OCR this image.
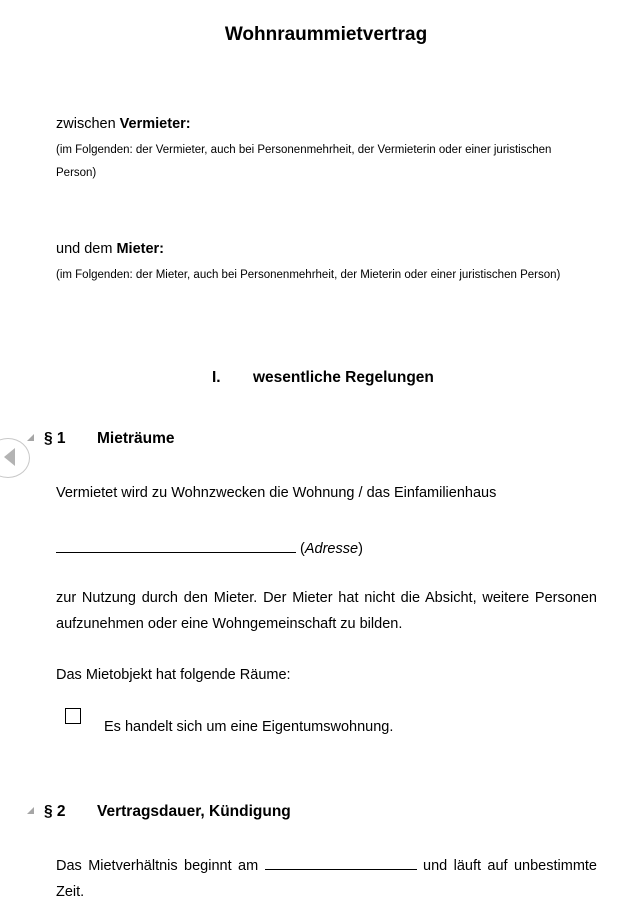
Wohnraummietvertrag
zwischen Vermieter:
(im Folgenden: der Vermieter, auch bei Personenmehrheit, der Vermieterin oder einer juristischen
Person)
und dem Mieter:
(im Folgenden: der Mieter, auch bei Personenmehrheit, der Mieterin oder einer juristischen Person)
I. wesentliche Regelungen
§ 1 Mieträume
Vermietet wird zu Wohnzwecken die Wohnung / das Einfamilienhaus
(Adresse)
zur Nutzung durch den Mieter. Der Mieter hat nicht die Absicht, weitere Personen
aufzunehmen oder eine Wohngemeinschaft zu bilden.
Das Mietobjekt hat folgende Räume:
Es handelt sich um eine Eigentumswohnung.
§ 2 Vertragsdauer, Kündigung
Das Mietverhältnis beginnt am	und läuft auf unbestimmte
Zeit.
